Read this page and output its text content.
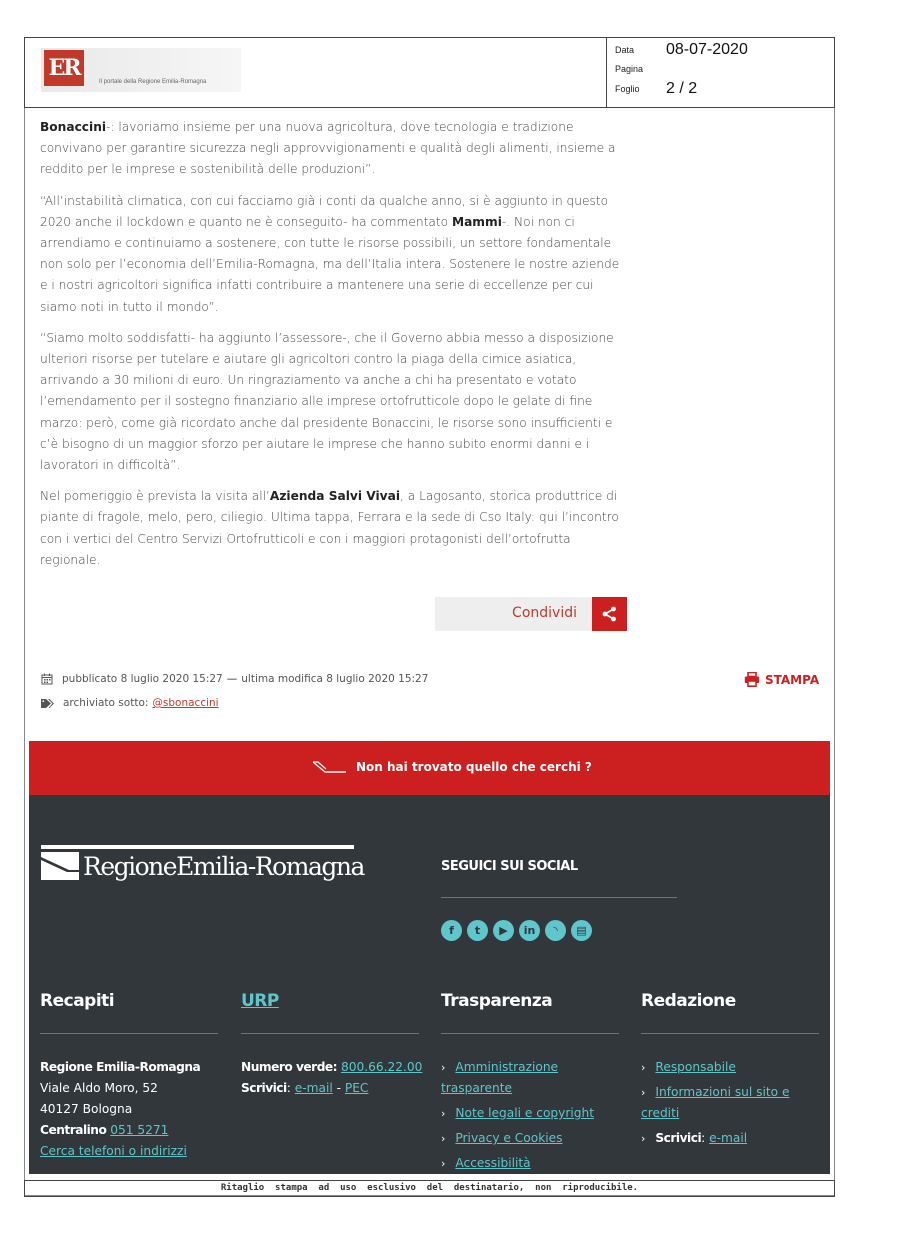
ER
Il portale della Regione Emilia-Romagna
Data 08-07-2020
Pagina
Foglio 2 / 2

Bonaccini-: lavoriamo insieme per una nuova agricoltura, dove tecnologia e tradizione convivano per garantire sicurezza negli approvvigionamenti e qualità degli alimenti, insieme a reddito per le imprese e sostenibilità delle produzioni”.

“All’instabilità climatica, con cui facciamo già i conti da qualche anno, si è aggiunto in questo 2020 anche il lockdown e quanto ne è conseguito- ha commentato Mammi-. Noi non ci arrendiamo e continuiamo a sostenere, con tutte le risorse possibili, un settore fondamentale non solo per l’economia dell’Emilia-Romagna, ma dell’Italia intera. Sostenere le nostre aziende e i nostri agricoltori significa infatti contribuire a mantenere una serie di eccellenze per cui siamo noti in tutto il mondo”.

“Siamo molto soddisfatti- ha aggiunto l’assessore-, che il Governo abbia messo a disposizione ulteriori risorse per tutelare e aiutare gli agricoltori contro la piaga della cimice asiatica, arrivando a 30 milioni di euro. Un ringraziamento va anche a chi ha presentato e votato l’emendamento per il sostegno finanziario alle imprese ortofrutticole dopo le gelate di fine marzo: però, come già ricordato anche dal presidente Bonaccini, le risorse sono insufficienti e c’è bisogno di un maggior sforzo per aiutare le imprese che hanno subito enormi danni e i lavoratori in difficoltà”.

Nel pomeriggio è prevista la visita all’Azienda Salvi Vivai, a Lagosanto, storica produttrice di piante di fragole, melo, pero, ciliegio. Ultima tappa, Ferrara e la sede di Cso Italy: qui l’incontro con i vertici del Centro Servizi Ortofrutticoli e con i maggiori protagonisti dell’ortofrutta regionale.

Condividi
pubblicato 8 luglio 2020 15:27 — ultima modifica 8 luglio 2020 15:27
archiviato sotto: @sbonaccini
STAMPA
Non hai trovato quello che cerchi ?
RegioneEmilia-Romagna	SEGUICI SUI SOCIAL
f	t	▶	in	◝	▤
Recapiti
Regione Emilia-Romagna
Viale Aldo Moro, 52
40127 Bologna
Centralino 051 5271
Cerca telefoni o indirizzi
URP
Numero verde: 800.66.22.00
Scrivici: e-mail - PEC
Trasparenza
› Amministrazione trasparente
› Note legali e copyright
› Privacy e Cookies
› Accessibilità
Redazione
› Responsabile
› Informazioni sul sito e crediti
› Scrivici: e-mail
Ritaglio  stampa  ad  uso  esclusivo  del  destinatario,  non  riproducibile.
